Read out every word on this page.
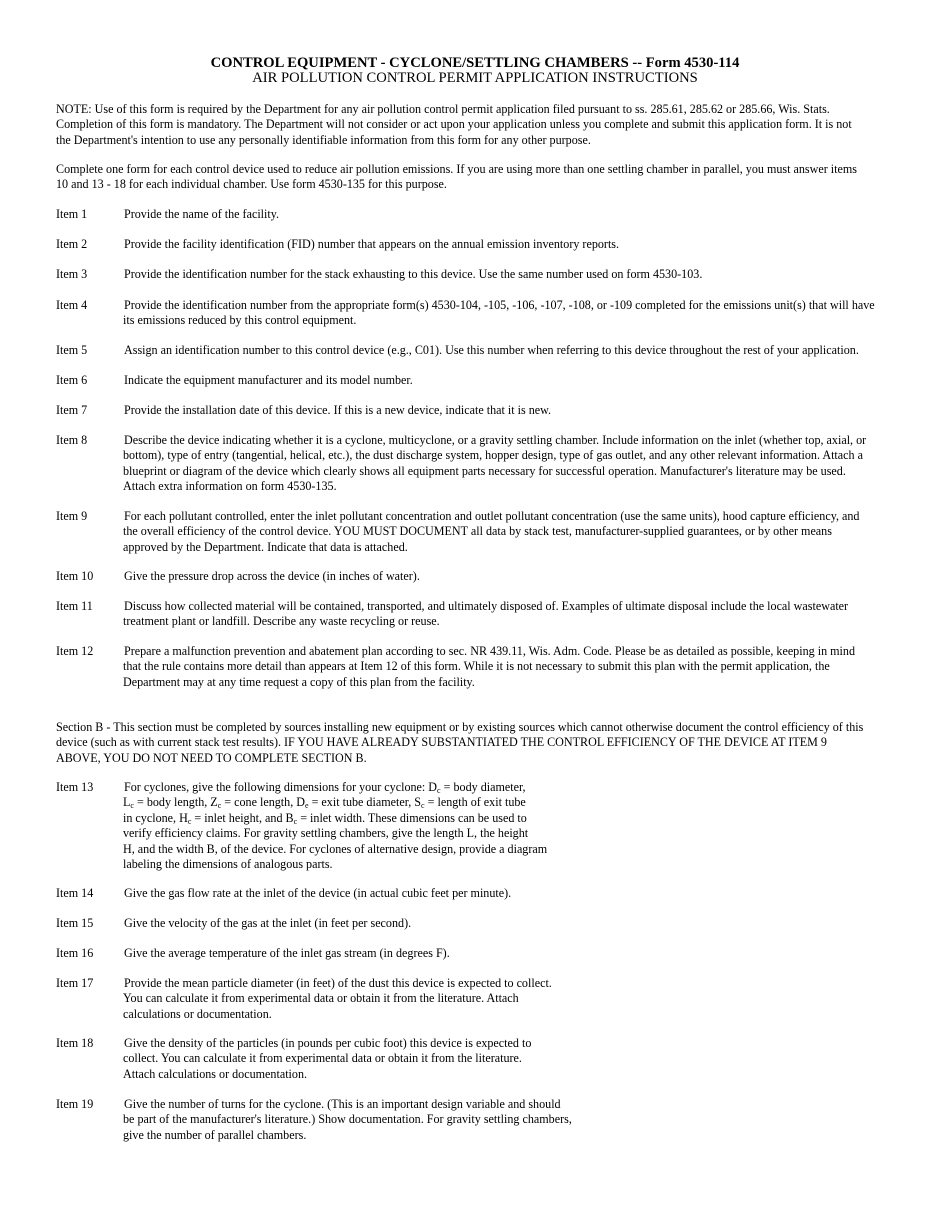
CONTROL EQUIPMENT - CYCLONE/SETTLING CHAMBERS -- Form 4530-114
AIR POLLUTION CONTROL PERMIT APPLICATION INSTRUCTIONS
NOTE: Use of this form is required by the Department for any air pollution control permit application filed pursuant to ss. 285.61, 285.62 or 285.66, Wis. Stats.
Completion of this form is mandatory. The Department will not consider or act upon your application unless you complete and submit this application form. It is not
the Department's intention to use any personally identifiable information from this form for any other purpose.
Complete one form for each control device used to reduce air pollution emissions. If you are using more than one settling chamber in parallel, you must answer items
10 and 13 - 18 for each individual chamber. Use form 4530-135 for this purpose.
Item 1	Provide the name of the facility.
Item 2	Provide the facility identification (FID) number that appears on the annual emission inventory reports.
Item 3	Provide the identification number for the stack exhausting to this device. Use the same number used on form 4530-103.
Item 4	Provide the identification number from the appropriate form(s) 4530-104, -105, -106, -107, -108, or -109 completed for the emissions unit(s) that will have
its emissions reduced by this control equipment.
Item 5	Assign an identification number to this control device (e.g., C01). Use this number when referring to this device throughout the rest of your application.
Item 6	Indicate the equipment manufacturer and its model number.
Item 7	Provide the installation date of this device. If this is a new device, indicate that it is new.
Item 8	Describe the device indicating whether it is a cyclone, multicyclone, or a gravity settling chamber. Include information on the inlet (whether top, axial, or
bottom), type of entry (tangential, helical, etc.), the dust discharge system, hopper design, type of gas outlet, and any other relevant information. Attach a
blueprint or diagram of the device which clearly shows all equipment parts necessary for successful operation. Manufacturer's literature may be used.
Attach extra information on form 4530-135.
Item 9	For each pollutant controlled, enter the inlet pollutant concentration and outlet pollutant concentration (use the same units), hood capture efficiency, and
the overall efficiency of the control device. YOU MUST DOCUMENT all data by stack test, manufacturer-supplied guarantees, or by other means
approved by the Department. Indicate that data is attached.
Item 10	Give the pressure drop across the device (in inches of water).
Item 11	Discuss how collected material will be contained, transported, and ultimately disposed of. Examples of ultimate disposal include the local wastewater
treatment plant or landfill. Describe any waste recycling or reuse.
Item 12	Prepare a malfunction prevention and abatement plan according to sec. NR 439.11, Wis. Adm. Code. Please be as detailed as possible, keeping in mind
that the rule contains more detail than appears at Item 12 of this form. While it is not necessary to submit this plan with the permit application, the
Department may at any time request a copy of this plan from the facility.
Section B - This section must be completed by sources installing new equipment or by existing sources which cannot otherwise document the control efficiency of this
device (such as with current stack test results). IF YOU HAVE ALREADY SUBSTANTIATED THE CONTROL EFFICIENCY OF THE DEVICE AT ITEM 9
ABOVE, YOU DO NOT NEED TO COMPLETE SECTION B.
Item 13	For cyclones, give the following dimensions for your cyclone: $D_c$ = body diameter,
$L_c$ = body length, $Z_c$ = cone length, $D_e$ = exit tube diameter, $S_c$ = length of exit tube
in cyclone, $H_c$ = inlet height, and $B_c$ = inlet width. These dimensions can be used to
verify efficiency claims. For gravity settling chambers, give the length L, the height
H, and the width B, of the device. For cyclones of alternative design, provide a diagram
labeling the dimensions of analogous parts.
Item 14	Give the gas flow rate at the inlet of the device (in actual cubic feet per minute).
Item 15	Give the velocity of the gas at the inlet (in feet per second).
Item 16	Give the average temperature of the inlet gas stream (in degrees F).
Item 17	Provide the mean particle diameter (in feet) of the dust this device is expected to collect.
You can calculate it from experimental data or obtain it from the literature. Attach
calculations or documentation.
Item 18	Give the density of the particles (in pounds per cubic foot) this device is expected to
collect. You can calculate it from experimental data or obtain it from the literature.
Attach calculations or documentation.
Item 19	Give the number of turns for the cyclone. (This is an important design variable and should
be part of the manufacturer's literature.) Show documentation. For gravity settling chambers,
give the number of parallel chambers.
